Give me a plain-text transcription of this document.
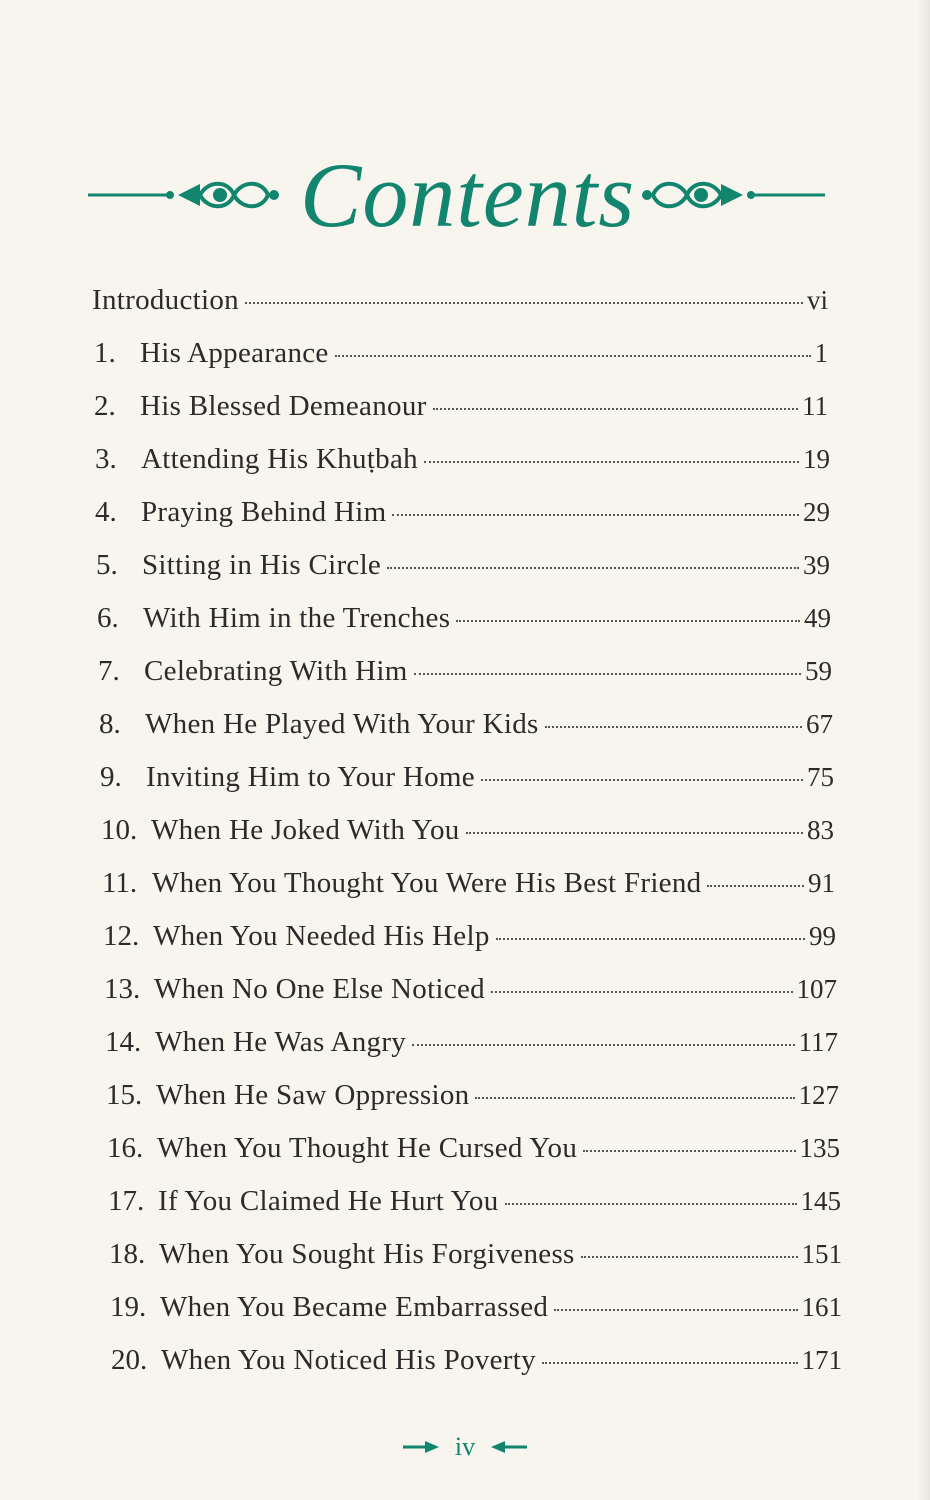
Contents
Introduction	vi
1. His Appearance	1
2. His Blessed Demeanour	11
3. Attending His Khuṭbah	19
4. Praying Behind Him	29
5. Sitting in His Circle	39
6. With Him in the Trenches	49
7. Celebrating With Him	59
8. When He Played With Your Kids	67
9. Inviting Him to Your Home	75
10. When He Joked With You	83
11. When You Thought You Were His Best Friend	91
12. When You Needed His Help	99
13. When No One Else Noticed	107
14. When He Was Angry	117
15. When He Saw Oppression	127
16. When You Thought He Cursed You	135
17. If You Claimed He Hurt You	145
18. When You Sought His Forgiveness	151
19. When You Became Embarrassed	161
20. When You Noticed His Poverty	171
iv
